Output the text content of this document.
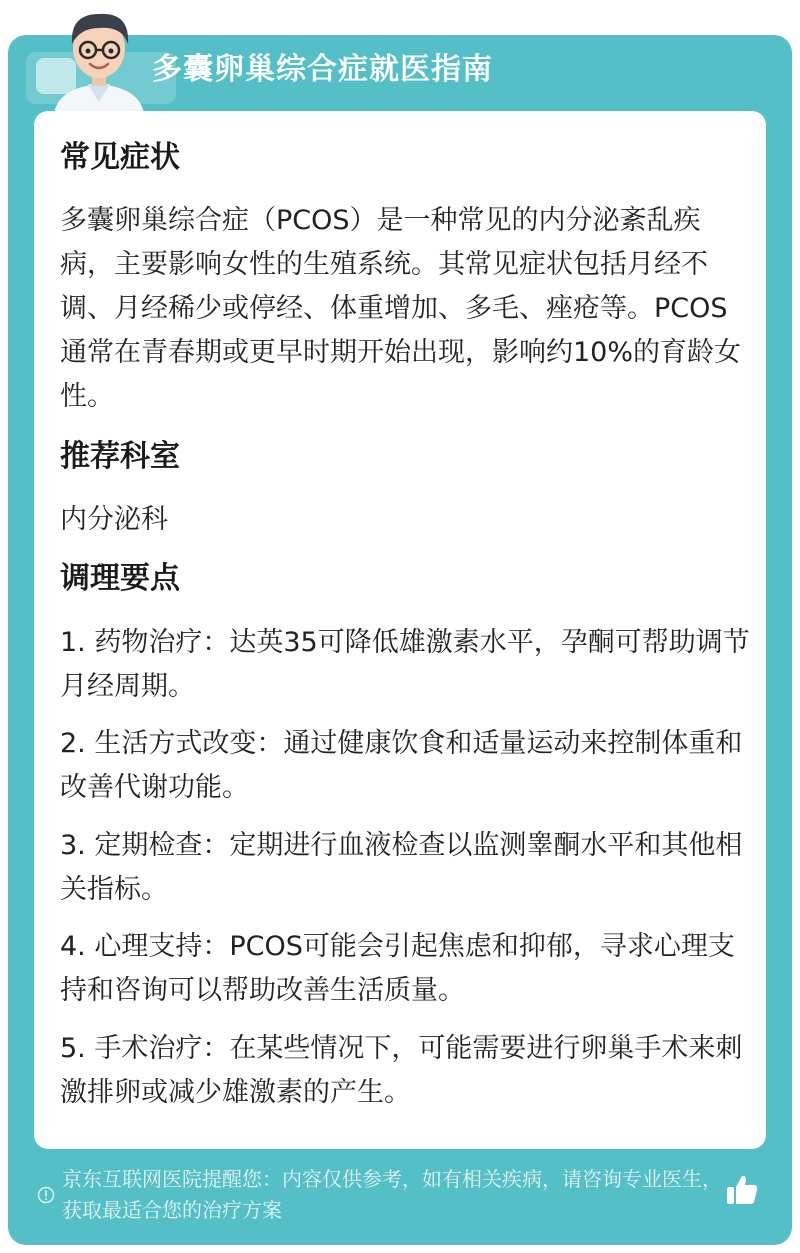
多囊卵巢综合症就医指南
常见症状
多囊卵巢综合症（PCOS）是一种常见的内分泌紊乱疾病，主要影响女性的生殖系统。其常见症状包括月经不调、月经稀少或停经、体重增加、多毛、痤疮等。PCOS通常在青春期或更早时期开始出现，影响约10%的育龄女性。
推荐科室
内分泌科
调理要点
1. 药物治疗：达英35可降低雄激素水平，孕酮可帮助调节月经周期。
2. 生活方式改变：通过健康饮食和适量运动来控制体重和改善代谢功能。
3. 定期检查：定期进行血液检查以监测睾酮水平和其他相关指标。
4. 心理支持：PCOS可能会引起焦虑和抑郁，寻求心理支持和咨询可以帮助改善生活质量。
5. 手术治疗：在某些情况下，可能需要进行卵巢手术来刺激排卵或减少雄激素的产生。
京东互联网医院提醒您：内容仅供参考，如有相关疾病，请咨询专业医生，获取最适合您的治疗方案
